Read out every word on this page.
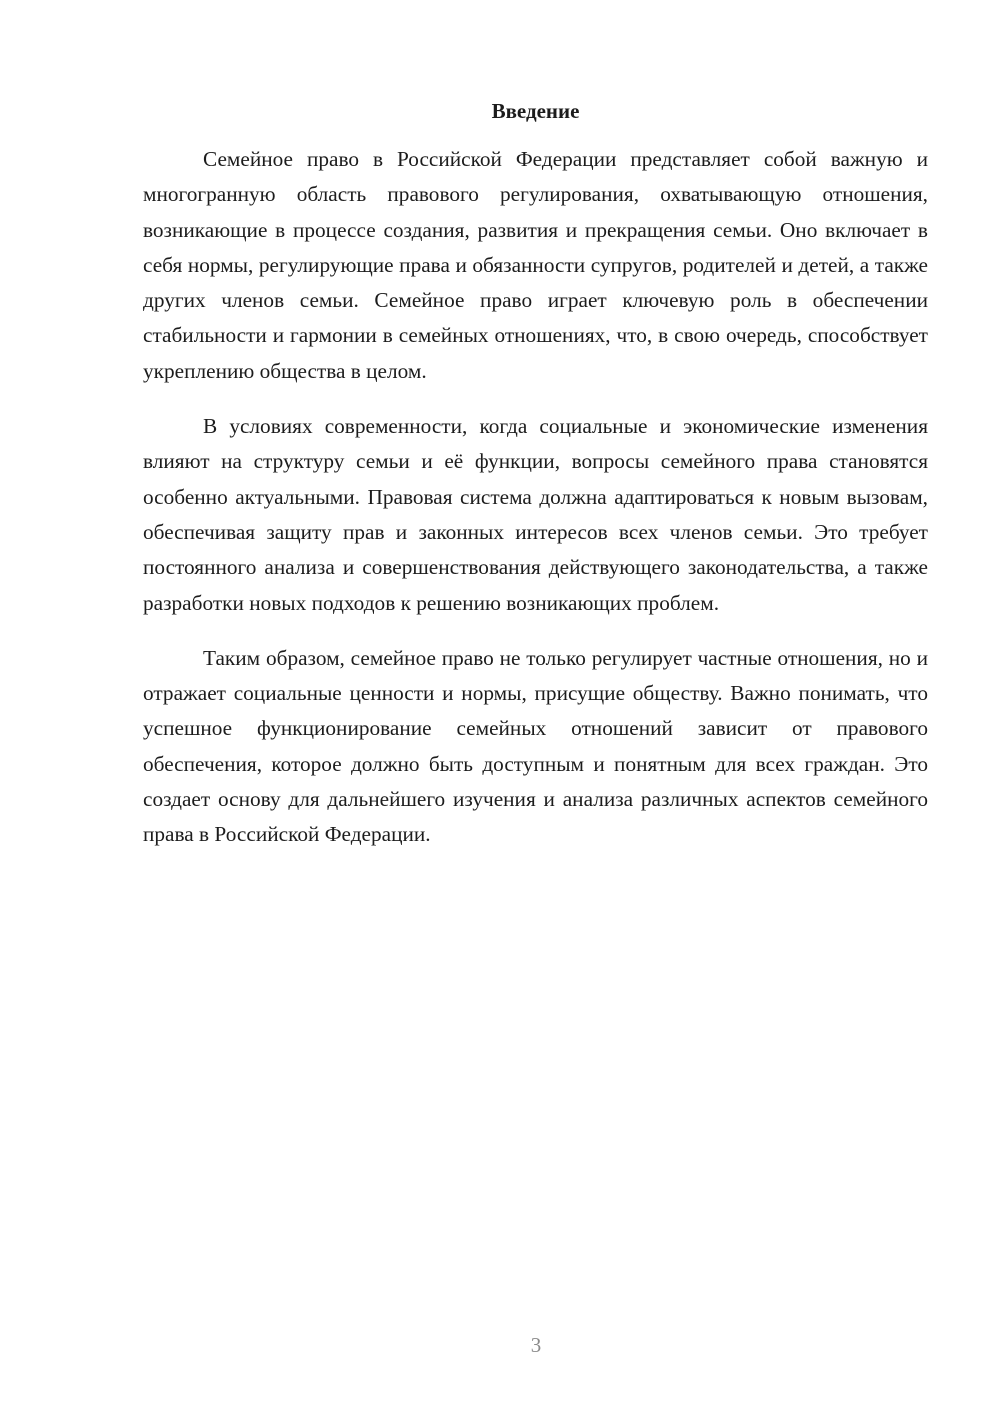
Введение

Семейное право в Российской Федерации представляет собой важную и многогранную область правового регулирования, охватывающую отношения, возникающие в процессе создания, развития и прекращения семьи. Оно включает в себя нормы, регулирующие права и обязанности супругов, родителей и детей, а также других членов семьи. Семейное право играет ключевую роль в обеспечении стабильности и гармонии в семейных отношениях, что, в свою очередь, способствует укреплению общества в целом.

В условиях современности, когда социальные и экономические изменения влияют на структуру семьи и её функции, вопросы семейного права становятся особенно актуальными. Правовая система должна адаптироваться к новым вызовам, обеспечивая защиту прав и законных интересов всех членов семьи. Это требует постоянного анализа и совершенствования действующего законодательства, а также разработки новых подходов к решению возникающих проблем.

Таким образом, семейное право не только регулирует частные отношения, но и отражает социальные ценности и нормы, присущие обществу. Важно понимать, что успешное функционирование семейных отношений зависит от правового обеспечения, которое должно быть доступным и понятным для всех граждан. Это создает основу для дальнейшего изучения и анализа различных аспектов семейного права в Российской Федерации.

3
